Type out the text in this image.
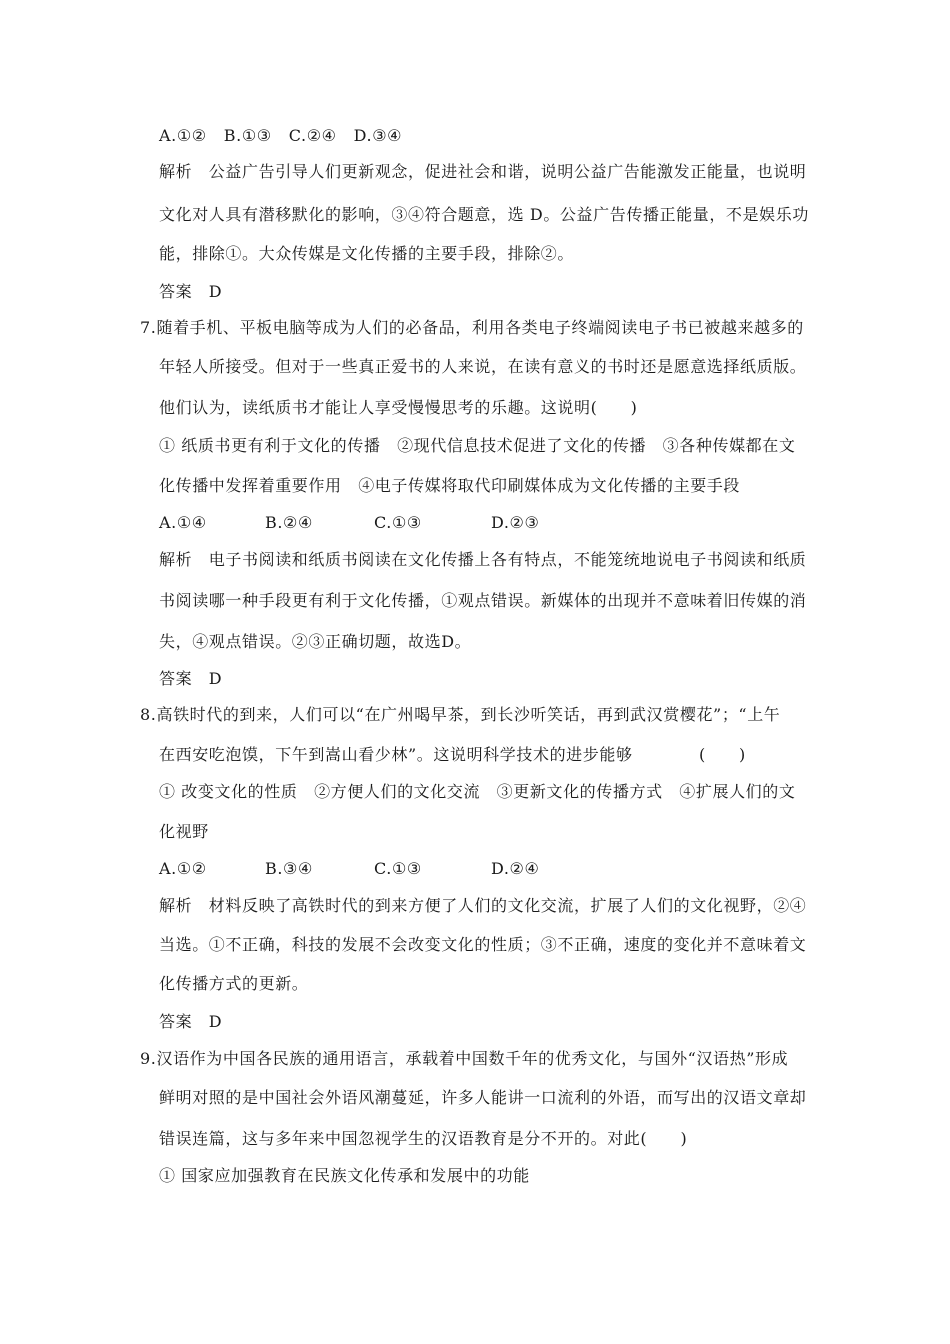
A.①②   B.①③   C.②④   D.③④
解析　公益广告引导人们更新观念，促进社会和谐，说明公益广告能激发正能量，也说明
文化对人具有潜移默化的影响，③④符合题意，选 D。公益广告传播正能量，不是娱乐功
能，排除①。大众传媒是文化传播的主要手段，排除②。
答案　D
7.随着手机、平板电脑等成为人们的必备品，利用各类电子终端阅读电子书已被越来越多的
年轻人所接受。但对于一些真正爱书的人来说，在读有意义的书时还是愿意选择纸质版。
他们认为，读纸质书才能让人享受慢慢思考的乐趣。这说明(　　)
① 纸质书更有利于文化的传播　②现代信息技术促进了文化的传播　③各种传媒都在文
化传播中发挥着重要作用　④电子传媒将取代印刷媒体成为文化传播的主要手段
A.①④	B.②④	C.①③	D.②③
解析　电子书阅读和纸质书阅读在文化传播上各有特点，不能笼统地说电子书阅读和纸质
书阅读哪一种手段更有利于文化传播，①观点错误。新媒体的出现并不意味着旧传媒的消
失，④观点错误。②③正确切题，故选D。
答案　D
8.高铁时代的到来，人们可以“在广州喝早茶，到长沙听笑话，再到武汉赏樱花”；“上午
在西安吃泡馍，下午到嵩山看少林”。这说明科学技术的进步能够　　　　(　　)
① 改变文化的性质　②方便人们的文化交流　③更新文化的传播方式　④扩展人们的文
化视野
A.①②	B.③④	C.①③	D.②④
解析　材料反映了高铁时代的到来方便了人们的文化交流，扩展了人们的文化视野，②④
当选。①不正确，科技的发展不会改变文化的性质；③不正确，速度的变化并不意味着文
化传播方式的更新。
答案　D
9.汉语作为中国各民族的通用语言，承载着中国数千年的优秀文化，与国外“汉语热”形成
鲜明对照的是中国社会外语风潮蔓延，许多人能讲一口流利的外语，而写出的汉语文章却
错误连篇，这与多年来中国忽视学生的汉语教育是分不开的。对此(　　)
① 国家应加强教育在民族文化传承和发展中的功能
